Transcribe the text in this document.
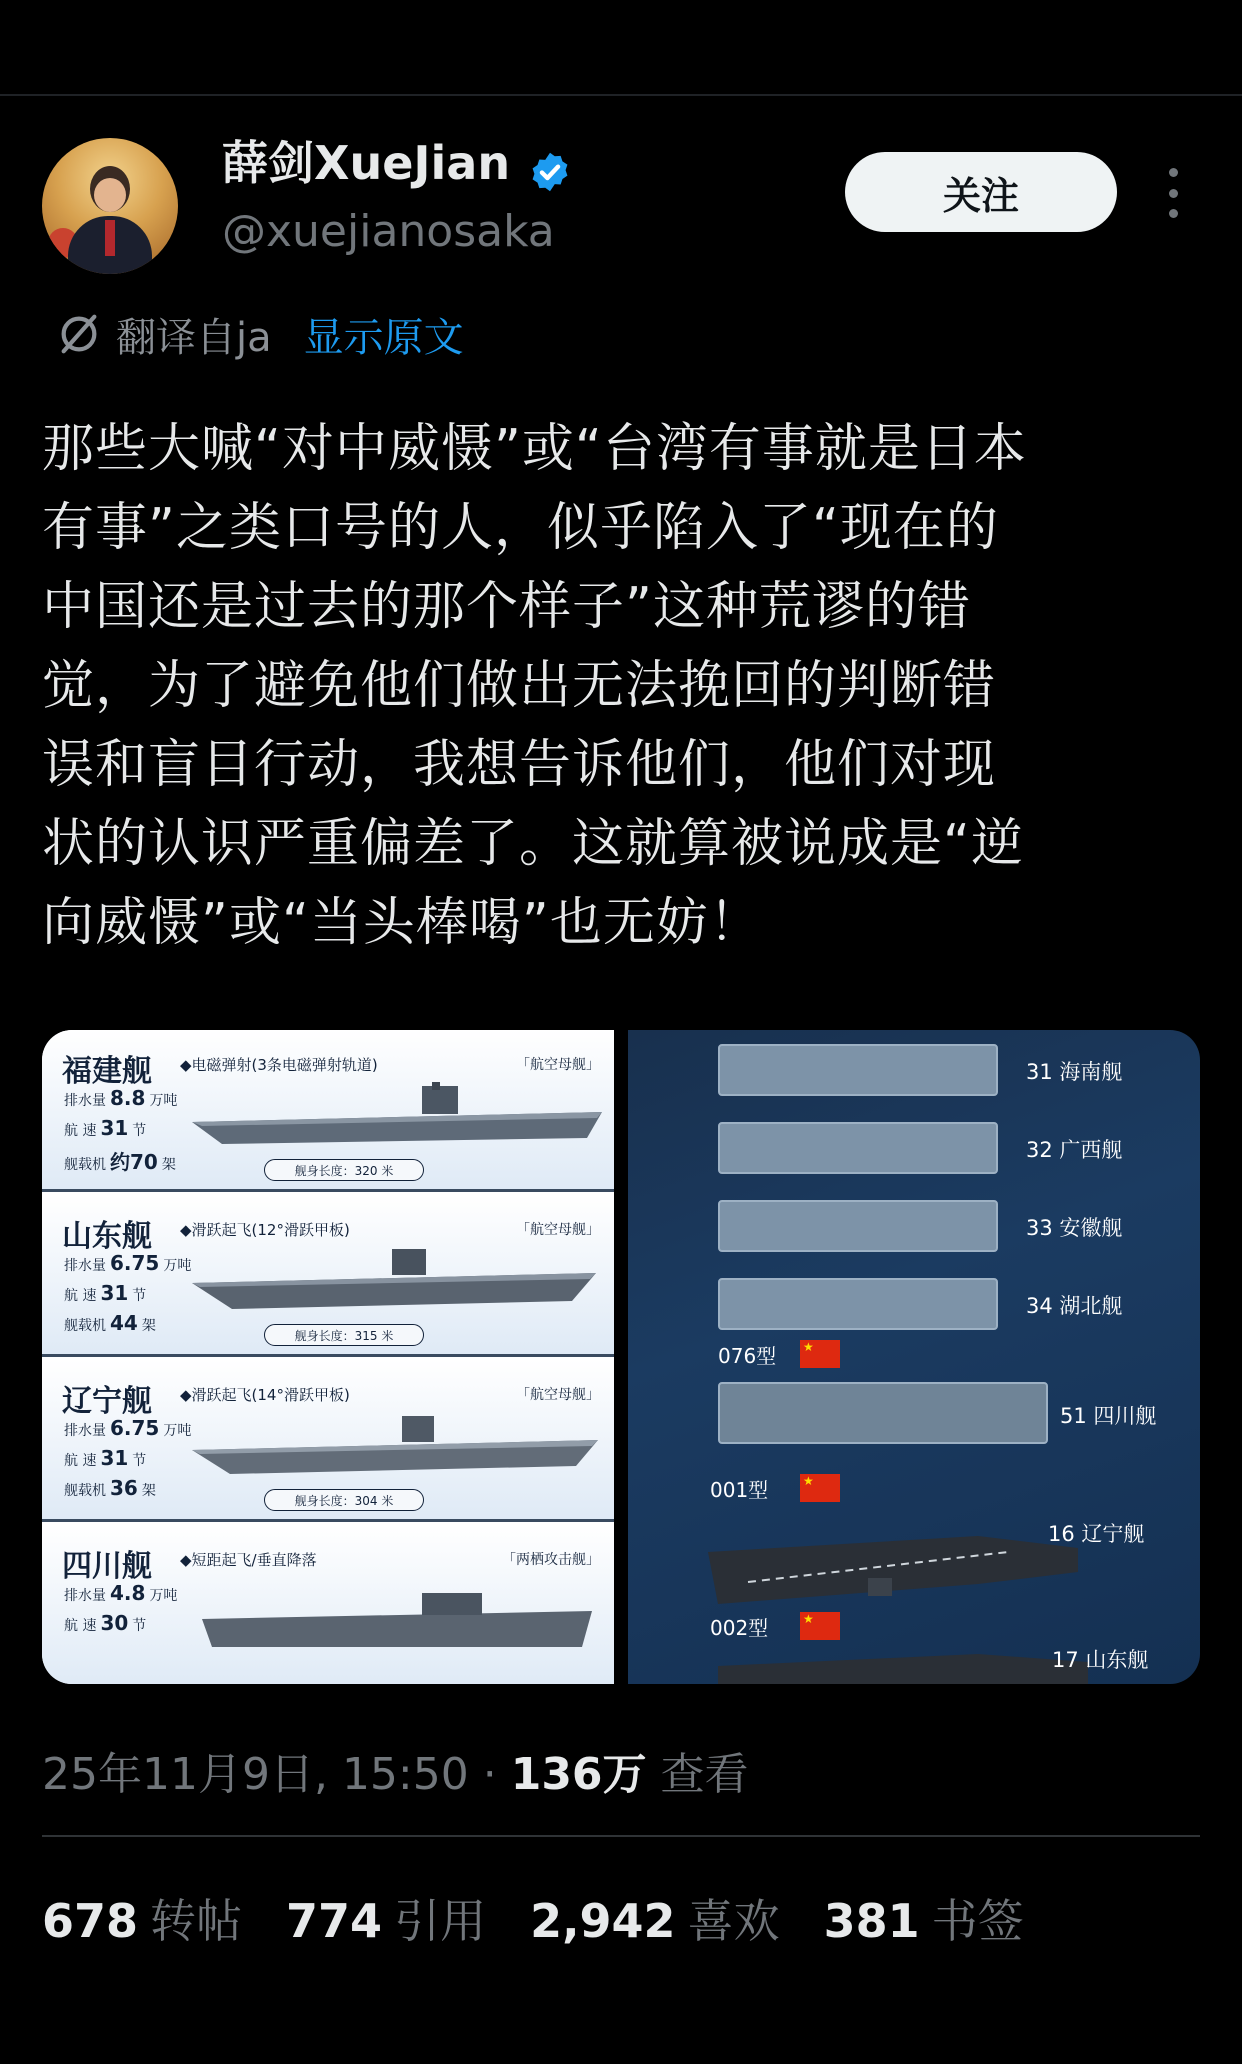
薛剑XueJian
@xuejianosaka
关注
翻译自ja 显示原文
那些大喊“对中威慑”或“台湾有事就是日本
有事”之类口号的人，似乎陷入了“现在的
中国还是过去的那个样子”这种荒谬的错
觉，为了避免他们做出无法挽回的判断错
误和盲目行动，我想告诉他们，他们对现
状的认识严重偏差了。这就算被说成是“逆
向威慑”或“当头棒喝”也无妨！
福建舰 ◆电磁弹射(3条电磁弹射轨道)	「航空母舰」
排水量 8.8 万吨
航 速 31 节
舰载机 约70 架	舰身长度：320 米
山东舰 ◆滑跃起飞(12°滑跃甲板)	「航空母舰」
排水量 6.75 万吨
航 速 31 节
舰载机 44 架
舰身长度：315 米
辽宁舰 ◆滑跃起飞(14°滑跃甲板)	「航空母舰」
排水量 6.75 万吨
航 速 31 节
舰载机 36 架
舰身长度：304 米
四川舰 ◆短距起飞/垂直降落	「两栖攻击舰」
排水量 4.8 万吨
航 速 30 节
31 海南舰
32 广西舰
33 安徽舰
34 湖北舰
076型
★
51 四川舰
001型
★
16 辽宁舰
002型
★
17 山东舰
25年11月9日, 15:50 · 136万 查看
678 转帖 774 引用 2,942 喜欢 381 书签
